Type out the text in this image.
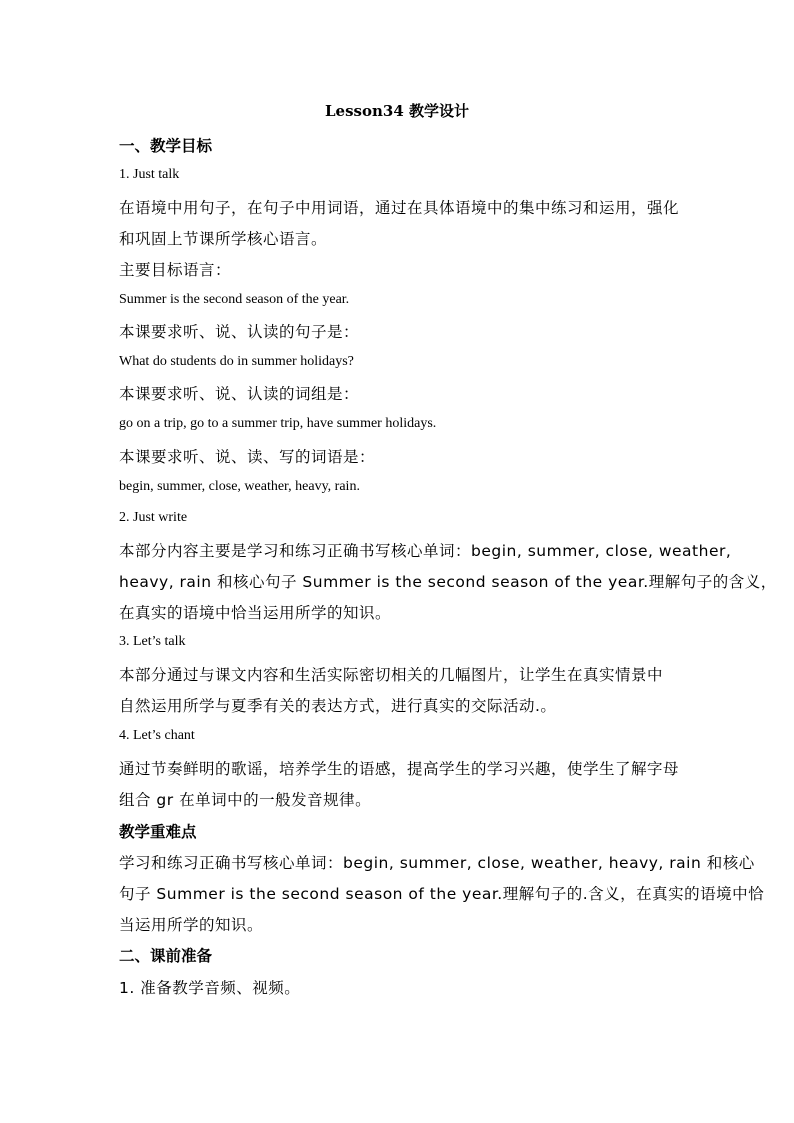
Lesson34 教学设计
一、教学目标
1. Just talk
在语境中用句子，在句子中用词语，通过在具体语境中的集中练习和运用，强化
和巩固上节课所学核心语言。
主要目标语言：
Summer is the second season of the year.
本课要求听、说、认读的句子是：
What do students do in summer holidays?
本课要求听、说、认读的词组是：
go on a trip, go to a summer trip, have summer holidays.
本课要求听、说、读、写的词语是：
begin, summer, close, weather, heavy, rain.
2. Just write
本部分内容主要是学习和练习正确书写核心单词：begin, summer, close, weather,
heavy, rain 和核心句子 Summer is the second season of the year.理解句子的含义，
在真实的语境中恰当运用所学的知识。
3. Let’s talk
本部分通过与课文内容和生活实际密切相关的几幅图片，让学生在真实情景中
自然运用所学与夏季有关的表达方式，进行真实的交际活动.。
4. Let’s chant
通过节奏鲜明的歌谣，培养学生的语感，提高学生的学习兴趣，使学生了解字母
组合 gr 在单词中的一般发音规律。
教学重难点
学习和练习正确书写核心单词：begin, summer, close, weather, heavy, rain 和核心
句子 Summer is the second season of the year.理解句子的.含义，在真实的语境中恰
当运用所学的知识。
二、课前准备
1. 准备教学音频、视频。
